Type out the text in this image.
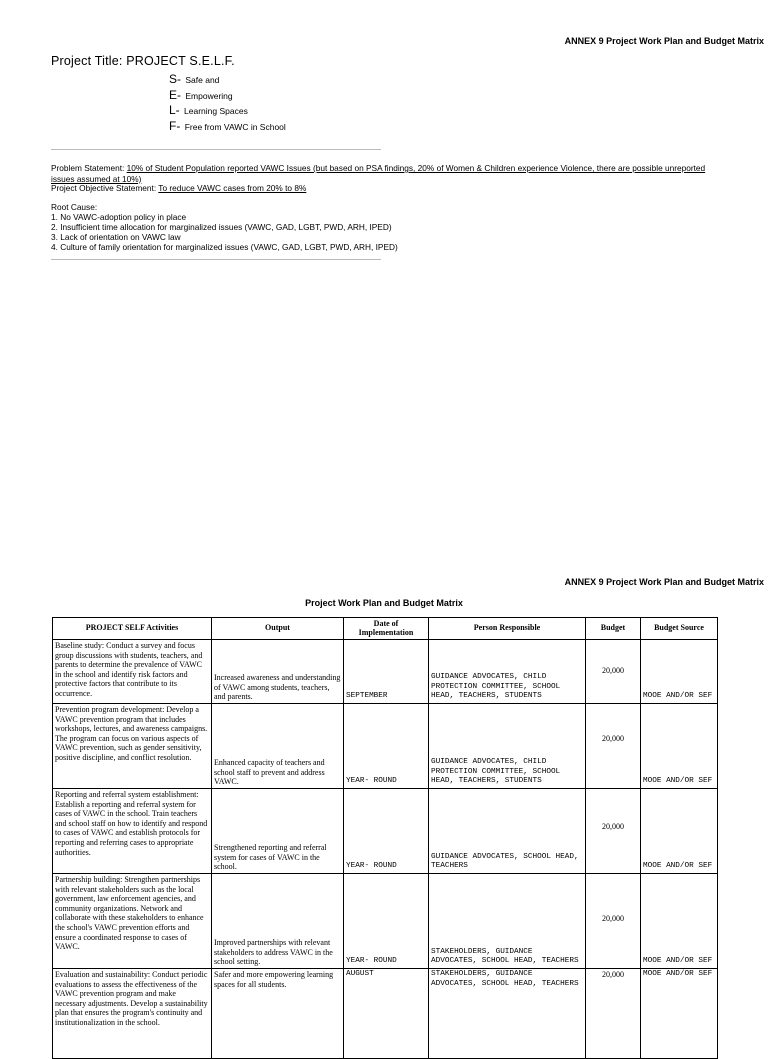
ANNEX 9 Project Work Plan and Budget Matrix
Project Title: PROJECT S.E.L.F.
S- Safe and
E- Empowering
L- Learning Spaces
F- Free from VAWC in School
Problem Statement: 10% of Student Population reported VAWC Issues (but based on PSA findings, 20% of Women & Children experience Violence, there are possible unreported issues assumed at 10%)
Project Objective Statement: To reduce VAWC cases from 20% to 8%
Root Cause:
1. No VAWC-adoption policy in place
2. Insufficient time allocation for marginalized issues (VAWC, GAD, LGBT, PWD, ARH, IPED)
3. Lack of orientation on VAWC law
4. Culture of family orientation for marginalized issues (VAWC, GAD, LGBT, PWD, ARH, IPED)
ANNEX 9 Project Work Plan and Budget Matrix
Project Work Plan and Budget Matrix
PROJECT SELF Activities	Output	Date of Implementation	Person Responsible	Budget	Budget Source
Baseline study: Conduct a survey and focus group discussions with students, teachers, and parents to determine the prevalence of VAWC in the school and identify risk factors and protective factors that contribute to its occurrence.	Increased awareness and understanding of VAWC among students, teachers, and parents.	SEPTEMBER	GUIDANCE ADVOCATES, CHILD PROTECTION COMMITTEE, SCHOOL HEAD, TEACHERS, STUDENTS	20,000	MOOE AND/OR SEF
Prevention program development: Develop a VAWC prevention program that includes workshops, lectures, and awareness campaigns. The program can focus on various aspects of VAWC prevention, such as gender sensitivity, positive discipline, and conflict resolution.	Enhanced capacity of teachers and school staff to prevent and address VAWC.	YEAR- ROUND	GUIDANCE ADVOCATES, CHILD PROTECTION COMMITTEE, SCHOOL HEAD, TEACHERS, STUDENTS	20,000	MOOE AND/OR SEF
Reporting and referral system establishment: Establish a reporting and referral system for cases of VAWC in the school. Train teachers and school staff on how to identify and respond to cases of VAWC and establish protocols for reporting and referring cases to appropriate authorities.	Strengthened reporting and referral system for cases of VAWC in the school.	YEAR- ROUND	GUIDANCE ADVOCATES, SCHOOL HEAD, TEACHERS	20,000	MOOE AND/OR SEF
Partnership building: Strengthen partnerships with relevant stakeholders such as the local government, law enforcement agencies, and community organizations. Network and collaborate with these stakeholders to enhance the school's VAWC prevention efforts and ensure a coordinated response to cases of VAWC.	Improved partnerships with relevant stakeholders to address VAWC in the school setting.	YEAR- ROUND	STAKEHOLDERS, GUIDANCE ADVOCATES, SCHOOL HEAD, TEACHERS	20,000	MOOE AND/OR SEF
Evaluation and sustainability: Conduct periodic evaluations to assess the effectiveness of the VAWC prevention program and make necessary adjustments. Develop a sustainability plan that ensures the program's continuity and institutionalization in the school.	Safer and more empowering learning spaces for all students.	AUGUST	STAKEHOLDERS, GUIDANCE ADVOCATES, SCHOOL HEAD, TEACHERS	20,000	MOOE AND/OR SEF
